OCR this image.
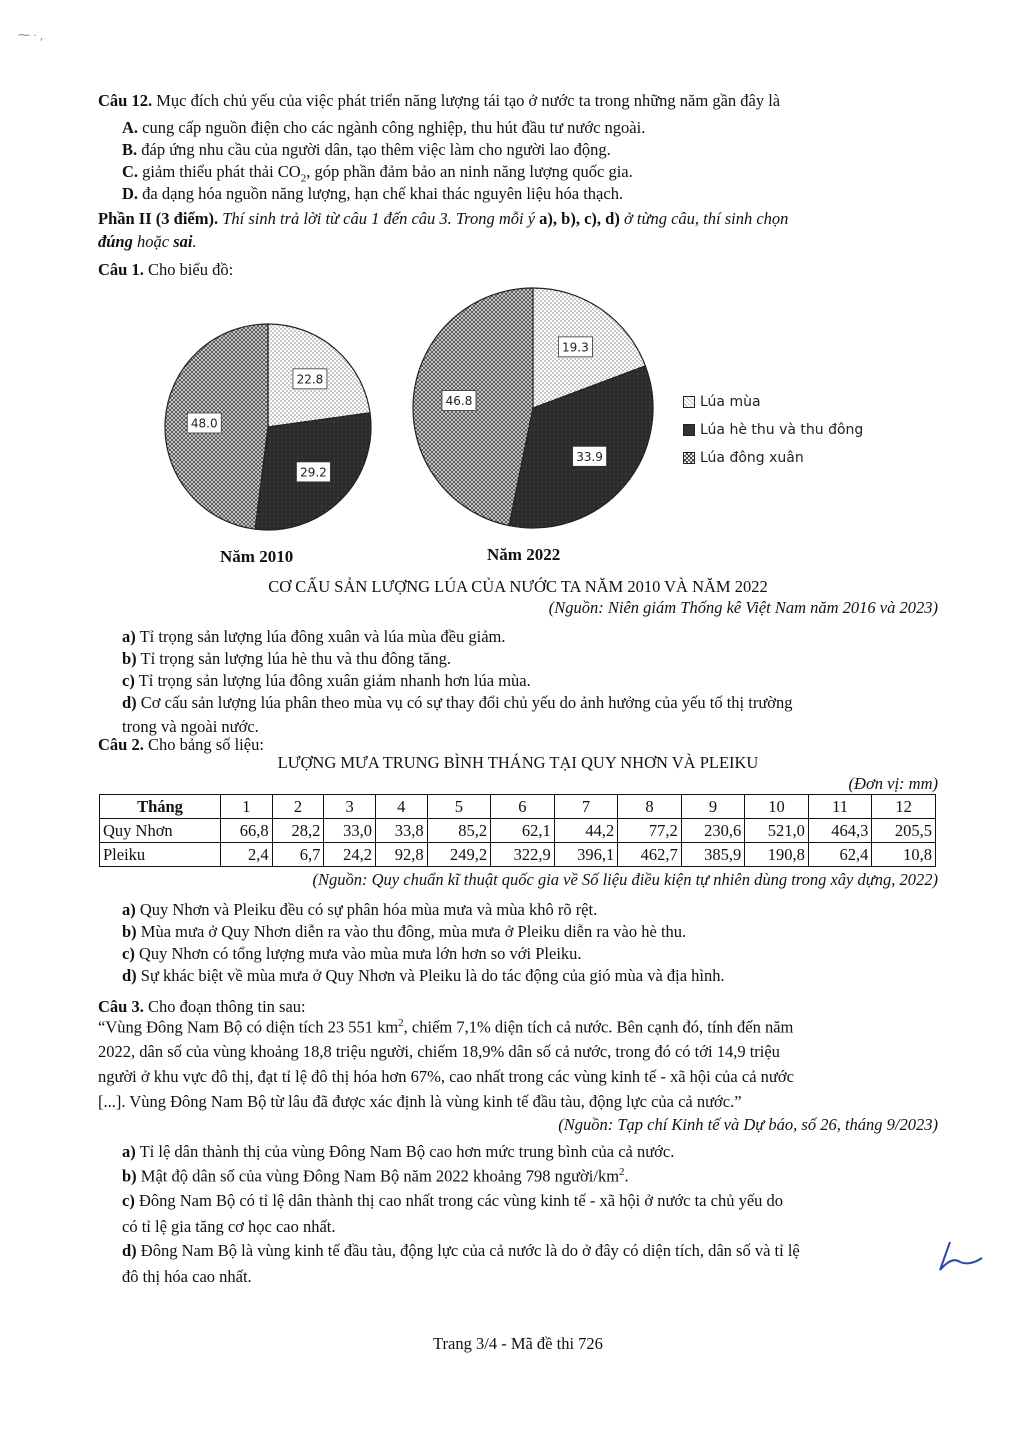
⁓ · ,
Câu 12. Mục đích chủ yếu của việc phát triển năng lượng tái tạo ở nước ta trong những năm gần đây là
A. cung cấp nguồn điện cho các ngành công nghiệp, thu hút đầu tư nước ngoài.
B. đáp ứng nhu cầu của người dân, tạo thêm việc làm cho người lao động.
C. giảm thiểu phát thải $CO_2$, góp phần đảm bảo an ninh năng lượng quốc gia.
D. đa dạng hóa nguồn năng lượng, hạn chế khai thác nguyên liệu hóa thạch.
Phần II (3 điểm). Thí sinh trả lời từ câu 1 đến câu 3. Trong mỗi ý a), b), c), d) ở từng câu, thí sinh chọn
đúng hoặc sai.
Câu 1. Cho biểu đồ:
22.8
29.2
48.0
19.3
33.9
46.8	Lúa mùa
Lúa hè thu và thu đông
Lúa đông xuân
Năm 2010	Năm 2022
CƠ CẤU SẢN LƯỢNG LÚA CỦA NƯỚC TA NĂM 2010 VÀ NĂM 2022
(Nguồn: Niên giám Thống kê Việt Nam năm 2016 và 2023)
a) Tỉ trọng sản lượng lúa đông xuân và lúa mùa đều giảm.
b) Tỉ trọng sản lượng lúa hè thu và thu đông tăng.
c) Tỉ trọng sản lượng lúa đông xuân giảm nhanh hơn lúa mùa.
d) Cơ cấu sản lượng lúa phân theo mùa vụ có sự thay đổi chủ yếu do ảnh hưởng của yếu tố thị trường
trong và ngoài nước.
Câu 2. Cho bảng số liệu:
LƯỢNG MƯA TRUNG BÌNH THÁNG TẠI QUY NHƠN VÀ PLEIKU
(Đơn vị: mm)
Tháng	1	2	3	4	5	6	7	8	9	10	11	12
Quy Nhơn	66,8	28,2	33,0	33,8	85,2	62,1	44,2	77,2	230,6	521,0	464,3	205,5
Pleiku	2,4	6,7	24,2	92,8	249,2	322,9	396,1	462,7	385,9	190,8	62,4	10,8
(Nguồn: Quy chuẩn kĩ thuật quốc gia về Số liệu điều kiện tự nhiên dùng trong xây dựng, 2022)
a) Quy Nhơn và Pleiku đều có sự phân hóa mùa mưa và mùa khô rõ rệt.
b) Mùa mưa ở Quy Nhơn diễn ra vào thu đông, mùa mưa ở Pleiku diễn ra vào hè thu.
c) Quy Nhơn có tổng lượng mưa vào mùa mưa lớn hơn so với Pleiku.
d) Sự khác biệt về mùa mưa ở Quy Nhơn và Pleiku là do tác động của gió mùa và địa hình.
Câu 3. Cho đoạn thông tin sau:
“Vùng Đông Nam Bộ có diện tích 23 551 $km^2$, chiếm 7,1% diện tích cả nước. Bên cạnh đó, tính đến năm
2022, dân số của vùng khoảng 18,8 triệu người, chiếm 18,9% dân số cả nước, trong đó có tới 14,9 triệu
người ở khu vực đô thị, đạt tỉ lệ đô thị hóa hơn 67%, cao nhất trong các vùng kinh tế - xã hội của cả nước
[...]. Vùng Đông Nam Bộ từ lâu đã được xác định là vùng kinh tế đầu tàu, động lực của cả nước.”
(Nguồn: Tạp chí Kinh tế và Dự báo, số 26, tháng 9/2023)
a) Tỉ lệ dân thành thị của vùng Đông Nam Bộ cao hơn mức trung bình của cả nước.
b) Mật độ dân số của vùng Đông Nam Bộ năm 2022 khoảng 798 người/$km^2$.
c) Đông Nam Bộ có tỉ lệ dân thành thị cao nhất trong các vùng kinh tế - xã hội ở nước ta chủ yếu do
có tỉ lệ gia tăng cơ học cao nhất.
d) Đông Nam Bộ là vùng kinh tế đầu tàu, động lực của cả nước là do ở đây có diện tích, dân số và tỉ lệ
đô thị hóa cao nhất.
Trang 3/4 - Mã đề thi 726
